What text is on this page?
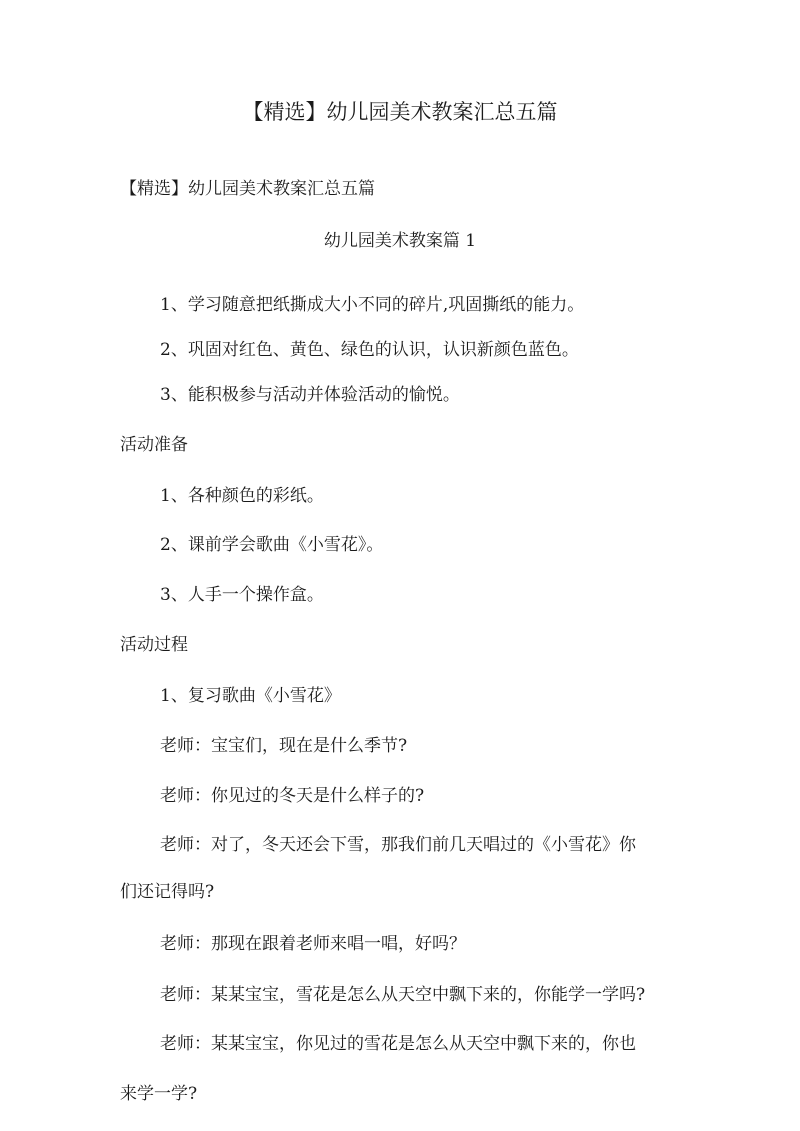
【精选】幼儿园美术教案汇总五篇
【精选】幼儿园美术教案汇总五篇
幼儿园美术教案篇 1
1、学习随意把纸撕成大小不同的碎片,巩固撕纸的能力。
2、巩固对红色、黄色、绿色的认识，认识新颜色蓝色。
3、能积极参与活动并体验活动的愉悦。
活动准备
1、各种颜色的彩纸。
2、课前学会歌曲《小雪花》。
3、人手一个操作盒。
活动过程
1、复习歌曲《小雪花》
老师：宝宝们，现在是什么季节?
老师：你见过的冬天是什么样子的?
老师：对了，冬天还会下雪，那我们前几天唱过的《小雪花》你
们还记得吗?
老师：那现在跟着老师来唱一唱，好吗？
老师：某某宝宝，雪花是怎么从天空中飘下来的，你能学一学吗?
老师：某某宝宝，你见过的雪花是怎么从天空中飘下来的，你也
来学一学?
